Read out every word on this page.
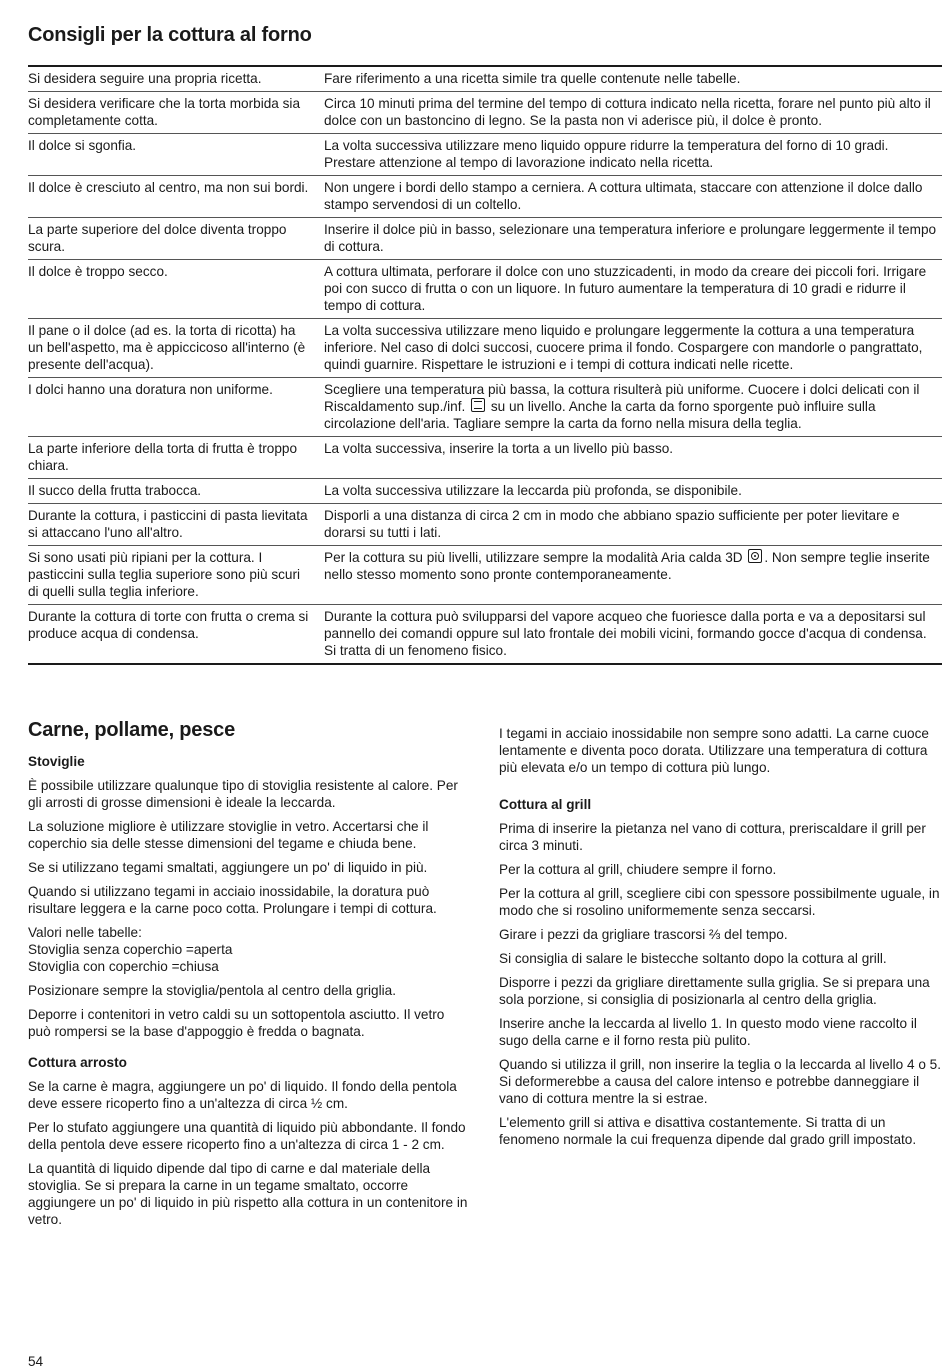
Consigli per la cottura al forno
Si desidera seguire una propria ricetta.	Fare riferimento a una ricetta simile tra quelle contenute nelle tabelle.
Si desidera verificare che la torta morbida sia completamente cotta.	Circa 10 minuti prima del termine del tempo di cottura indicato nella ricetta, forare nel punto più alto il dolce con un bastoncino di legno. Se la pasta non vi aderisce più, il dolce è pronto.
Il dolce si sgonfia.	La volta successiva utilizzare meno liquido oppure ridurre la temperatura del forno di 10 gradi. Prestare attenzione al tempo di lavorazione indicato nella ricetta.
Il dolce è cresciuto al centro, ma non sui bordi.	Non ungere i bordi dello stampo a cerniera. A cottura ultimata, staccare con attenzione il dolce dallo stampo servendosi di un coltello.
La parte superiore del dolce diventa troppo scura.	Inserire il dolce più in basso, selezionare una temperatura inferiore e prolungare leggermente il tempo di cottura.
Il dolce è troppo secco.	A cottura ultimata, perforare il dolce con uno stuzzicadenti, in modo da creare dei piccoli fori. Irrigare poi con succo di frutta o con un liquore. In futuro aumentare la temperatura di 10 gradi e ridurre il tempo di cottura.
Il pane o il dolce (ad es. la torta di ricotta) ha un bell'aspetto, ma è appiccicoso all'interno (è presente dell'acqua).	La volta successiva utilizzare meno liquido e prolungare leggermente la cottura a una temperatura inferiore. Nel caso di dolci succosi, cuocere prima il fondo. Cospargere con mandorle o pangrattato, quindi guarnire. Rispettare le istruzioni e i tempi di cottura indicati nelle ricette.
I dolci hanno una doratura non uniforme.	Scegliere una temperatura più bassa, la cottura risulterà più uniforme. Cuocere i dolci delicati con il Riscaldamento sup./inf. su un livello. Anche la carta da forno sporgente può influire sulla circolazione dell'aria. Tagliare sempre la carta da forno nella misura della teglia.
La parte inferiore della torta di frutta è troppo chiara.	La volta successiva, inserire la torta a un livello più basso.
Il succo della frutta trabocca.	La volta successiva utilizzare la leccarda più profonda, se disponibile.
Durante la cottura, i pasticcini di pasta lievitata si attaccano l'uno all'altro.	Disporli a una distanza di circa 2 cm in modo che abbiano spazio sufficiente per poter lievitare e dorarsi su tutti i lati.
Si sono usati più ripiani per la cottura. I pasticcini sulla teglia superiore sono più scuri di quelli sulla teglia inferiore.	Per la cottura su più livelli, utilizzare sempre la modalità Aria calda 3D . Non sempre teglie inserite nello stesso momento sono pronte contemporaneamente.
Durante la cottura di torte con frutta o crema si produce acqua di condensa.	Durante la cottura può svilupparsi del vapore acqueo che fuoriesce dalla porta e va a depositarsi sul pannello dei comandi oppure sul lato frontale dei mobili vicini, formando gocce d'acqua di condensa. Si tratta di un fenomeno fisico.
Carne, pollame, pesce
Stoviglie

È possibile utilizzare qualunque tipo di stoviglia resistente al calore. Per gli arrosti di grosse dimensioni è ideale la leccarda.

La soluzione migliore è utilizzare stoviglie in vetro. Accertarsi che il coperchio sia delle stesse dimensioni del tegame e chiuda bene.

Se si utilizzano tegami smaltati, aggiungere un po' di liquido in più.

Quando si utilizzano tegami in acciaio inossidabile, la doratura può risultare leggera e la carne poco cotta. Prolungare i tempi di cottura.

Valori nelle tabelle:
Stoviglia senza coperchio =aperta
Stoviglia con coperchio =chiusa

Posizionare sempre la stoviglia/pentola al centro della griglia.

Deporre i contenitori in vetro caldi su un sottopentola asciutto. Il vetro può rompersi se la base d'appoggio è fredda o bagnata.

Cottura arrosto

Se la carne è magra, aggiungere un po' di liquido. Il fondo della pentola deve essere ricoperto fino a un'altezza di circa ½ cm.

Per lo stufato aggiungere una quantità di liquido più abbondante. Il fondo della pentola deve essere ricoperto fino a un'altezza di circa 1 - 2 cm.

La quantità di liquido dipende dal tipo di carne e dal materiale della stoviglia. Se si prepara la carne in un tegame smaltato, occorre aggiungere un po' di liquido in più rispetto alla cottura in un contenitore in vetro.

I tegami in acciaio inossidabile non sempre sono adatti. La carne cuoce lentamente e diventa poco dorata. Utilizzare una temperatura di cottura più elevata e/o un tempo di cottura più lungo.

Cottura al grill

Prima di inserire la pietanza nel vano di cottura, preriscaldare il grill per circa 3 minuti.

Per la cottura al grill, chiudere sempre il forno.

Per la cottura al grill, scegliere cibi con spessore possibilmente uguale, in modo che si rosolino uniformemente senza seccarsi.

Girare i pezzi da grigliare trascorsi ⅔ del tempo.

Si consiglia di salare le bistecche soltanto dopo la cottura al grill.

Disporre i pezzi da grigliare direttamente sulla griglia. Se si prepara una sola porzione, si consiglia di posizionarla al centro della griglia.

Inserire anche la leccarda al livello 1. In questo modo viene raccolto il sugo della carne e il forno resta più pulito.

Quando si utilizza il grill, non inserire la teglia o la leccarda al livello 4 o 5. Si deformerebbe a causa del calore intenso e potrebbe danneggiare il vano di cottura mentre la si estrae.

L'elemento grill si attiva e disattiva costantemente. Si tratta di un fenomeno normale la cui frequenza dipende dal grado grill impostato.

54
